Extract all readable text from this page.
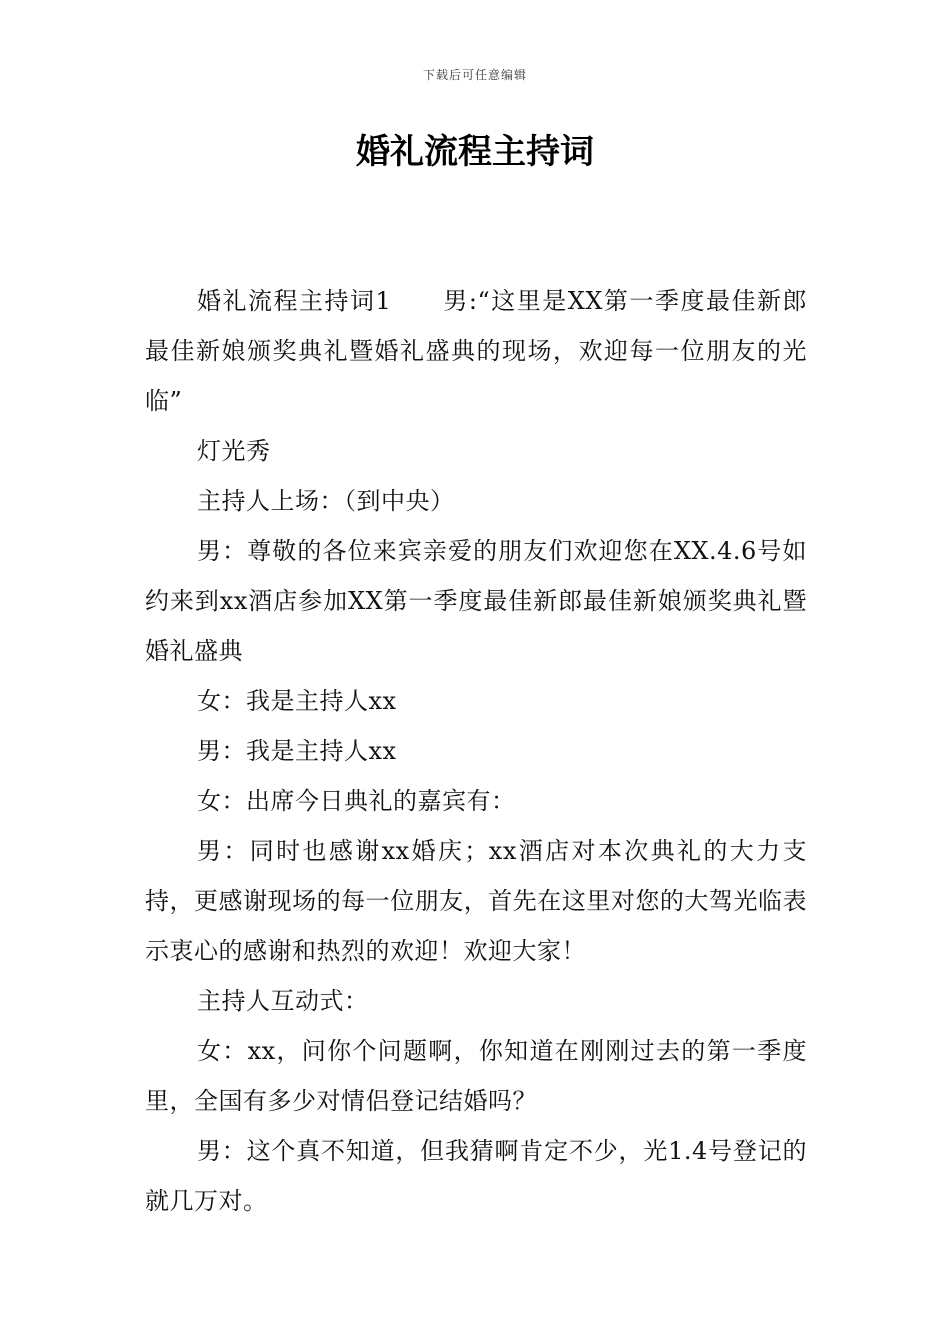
下载后可任意编辑
婚礼流程主持词

婚礼流程主持词1　　男:“这里是XX第一季度最佳新郎最佳新娘颁奖典礼暨婚礼盛典的现场，欢迎每一位朋友的光临”

灯光秀

主持人上场：（到中央）

男：尊敬的各位来宾亲爱的朋友们欢迎您在XX.4.6号如约来到xx酒店参加XX第一季度最佳新郎最佳新娘颁奖典礼暨婚礼盛典

女：我是主持人xx

男：我是主持人xx

女：出席今日典礼的嘉宾有：

男：同时也感谢xx婚庆；xx酒店对本次典礼的大力支持，更感谢现场的每一位朋友，首先在这里对您的大驾光临表示衷心的感谢和热烈的欢迎！欢迎大家！

主持人互动式：

女：xx，问你个问题啊，你知道在刚刚过去的第一季度里，全国有多少对情侣登记结婚吗？

男：这个真不知道，但我猜啊肯定不少，光1.4号登记的就几万对。
